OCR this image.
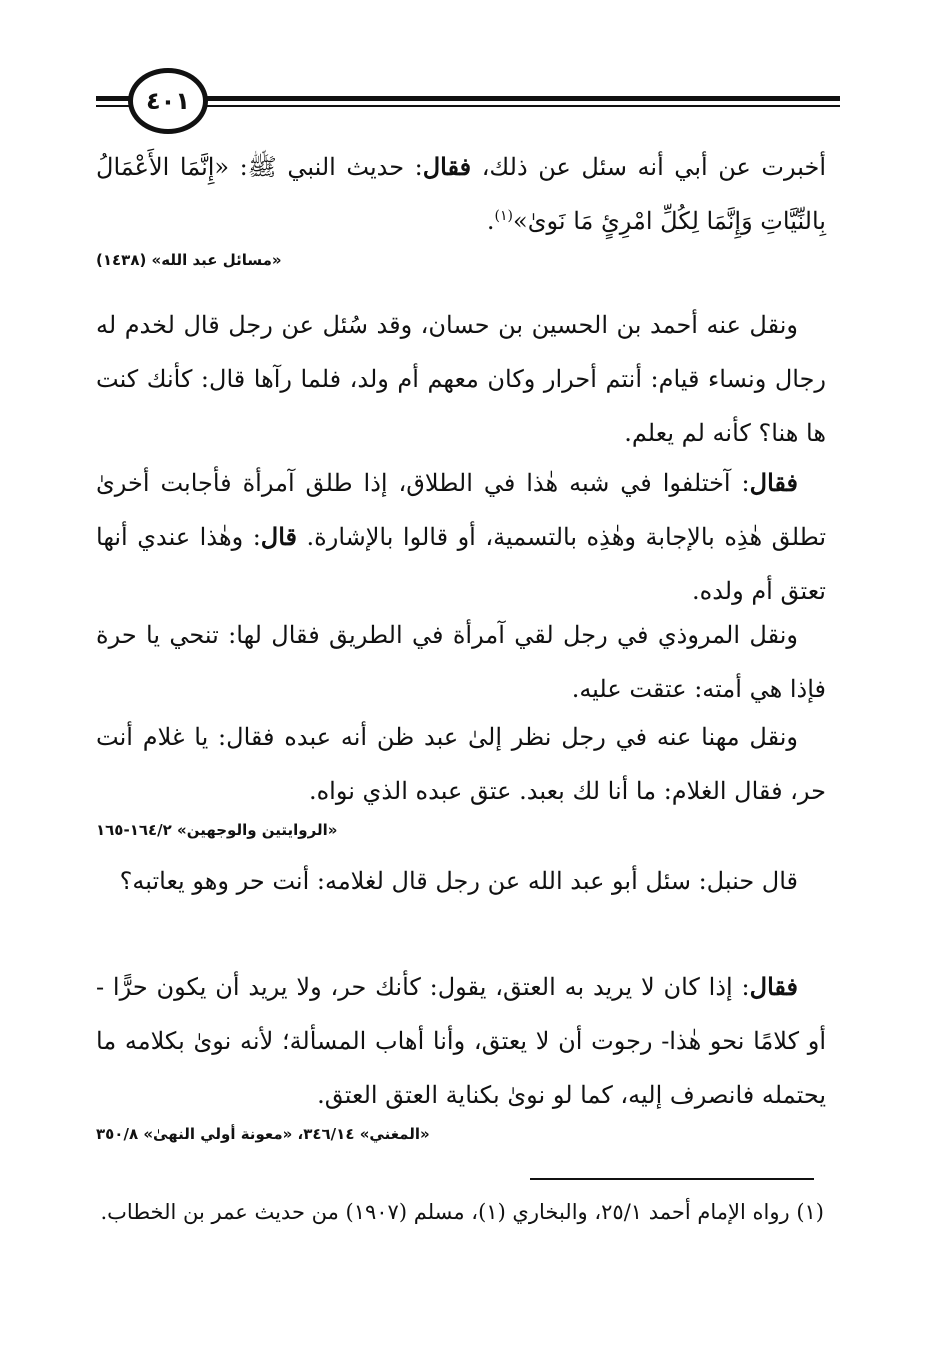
٤٠١

أخبرت عن أبي أنه سئل عن ذلك، فقال: حديث النبي ﷺ: «إِنَّمَا الأَعْمَالُ بِالنِّيَّاتِ وَإِنَّمَا لِكُلِّ امْرِئٍ مَا نَوىٰ»$^{(١)}$.

«مسائل عبد الله» (١٤٣٨)

ونقل عنه أحمد بن الحسين بن حسان، وقد سُئل عن رجل قال لخدم له رجال ونساء قيام: أنتم أحرار وكان معهم أم ولد، فلما رآها قال: كأنك كنت ها هنا؟ كأنه لم يعلم.

فقال: آختلفوا في شبه هٰذا في الطلاق، إذا طلق آمرأة فأجابت أخرىٰ تطلق هٰذِه بالإجابة وهٰذِه بالتسمية، أو قالوا بالإشارة. قال: وهٰذا عندي أنها تعتق أم ولده.

ونقل المروذي في رجل لقي آمرأة في الطريق فقال لها: تنحي يا حرة فإذا هي أمته: عتقت عليه.

ونقل مهنا عنه في رجل نظر إلىٰ عبد ظن أنه عبده فقال: يا غلام أنت حر، فقال الغلام: ما أنا لك بعبد. عتق عبده الذي نواه.

«الروايتين والوجهين» ١٦٤/٢-١٦٥

قال حنبل: سئل أبو عبد الله عن رجل قال لغلامه: أنت حر وهو يعاتبه؟

فقال: إذا كان لا يريد به العتق، يقول: كأنك حر، ولا يريد أن يكون حرًّا - أو كلامًا نحو هٰذا- رجوت أن لا يعتق، وأنا أهاب المسألة؛ لأنه نوىٰ بكلامه ما يحتمله فانصرف إليه، كما لو نوىٰ بكناية العتق العتق.

«المغني» ٣٤٦/١٤، «معونة أولي النهىٰ» ٣٥٠/٨

(١) رواه الإمام أحمد ٢٥/١، والبخاري (١)، مسلم (١٩٠٧) من حديث عمر بن الخطاب.
